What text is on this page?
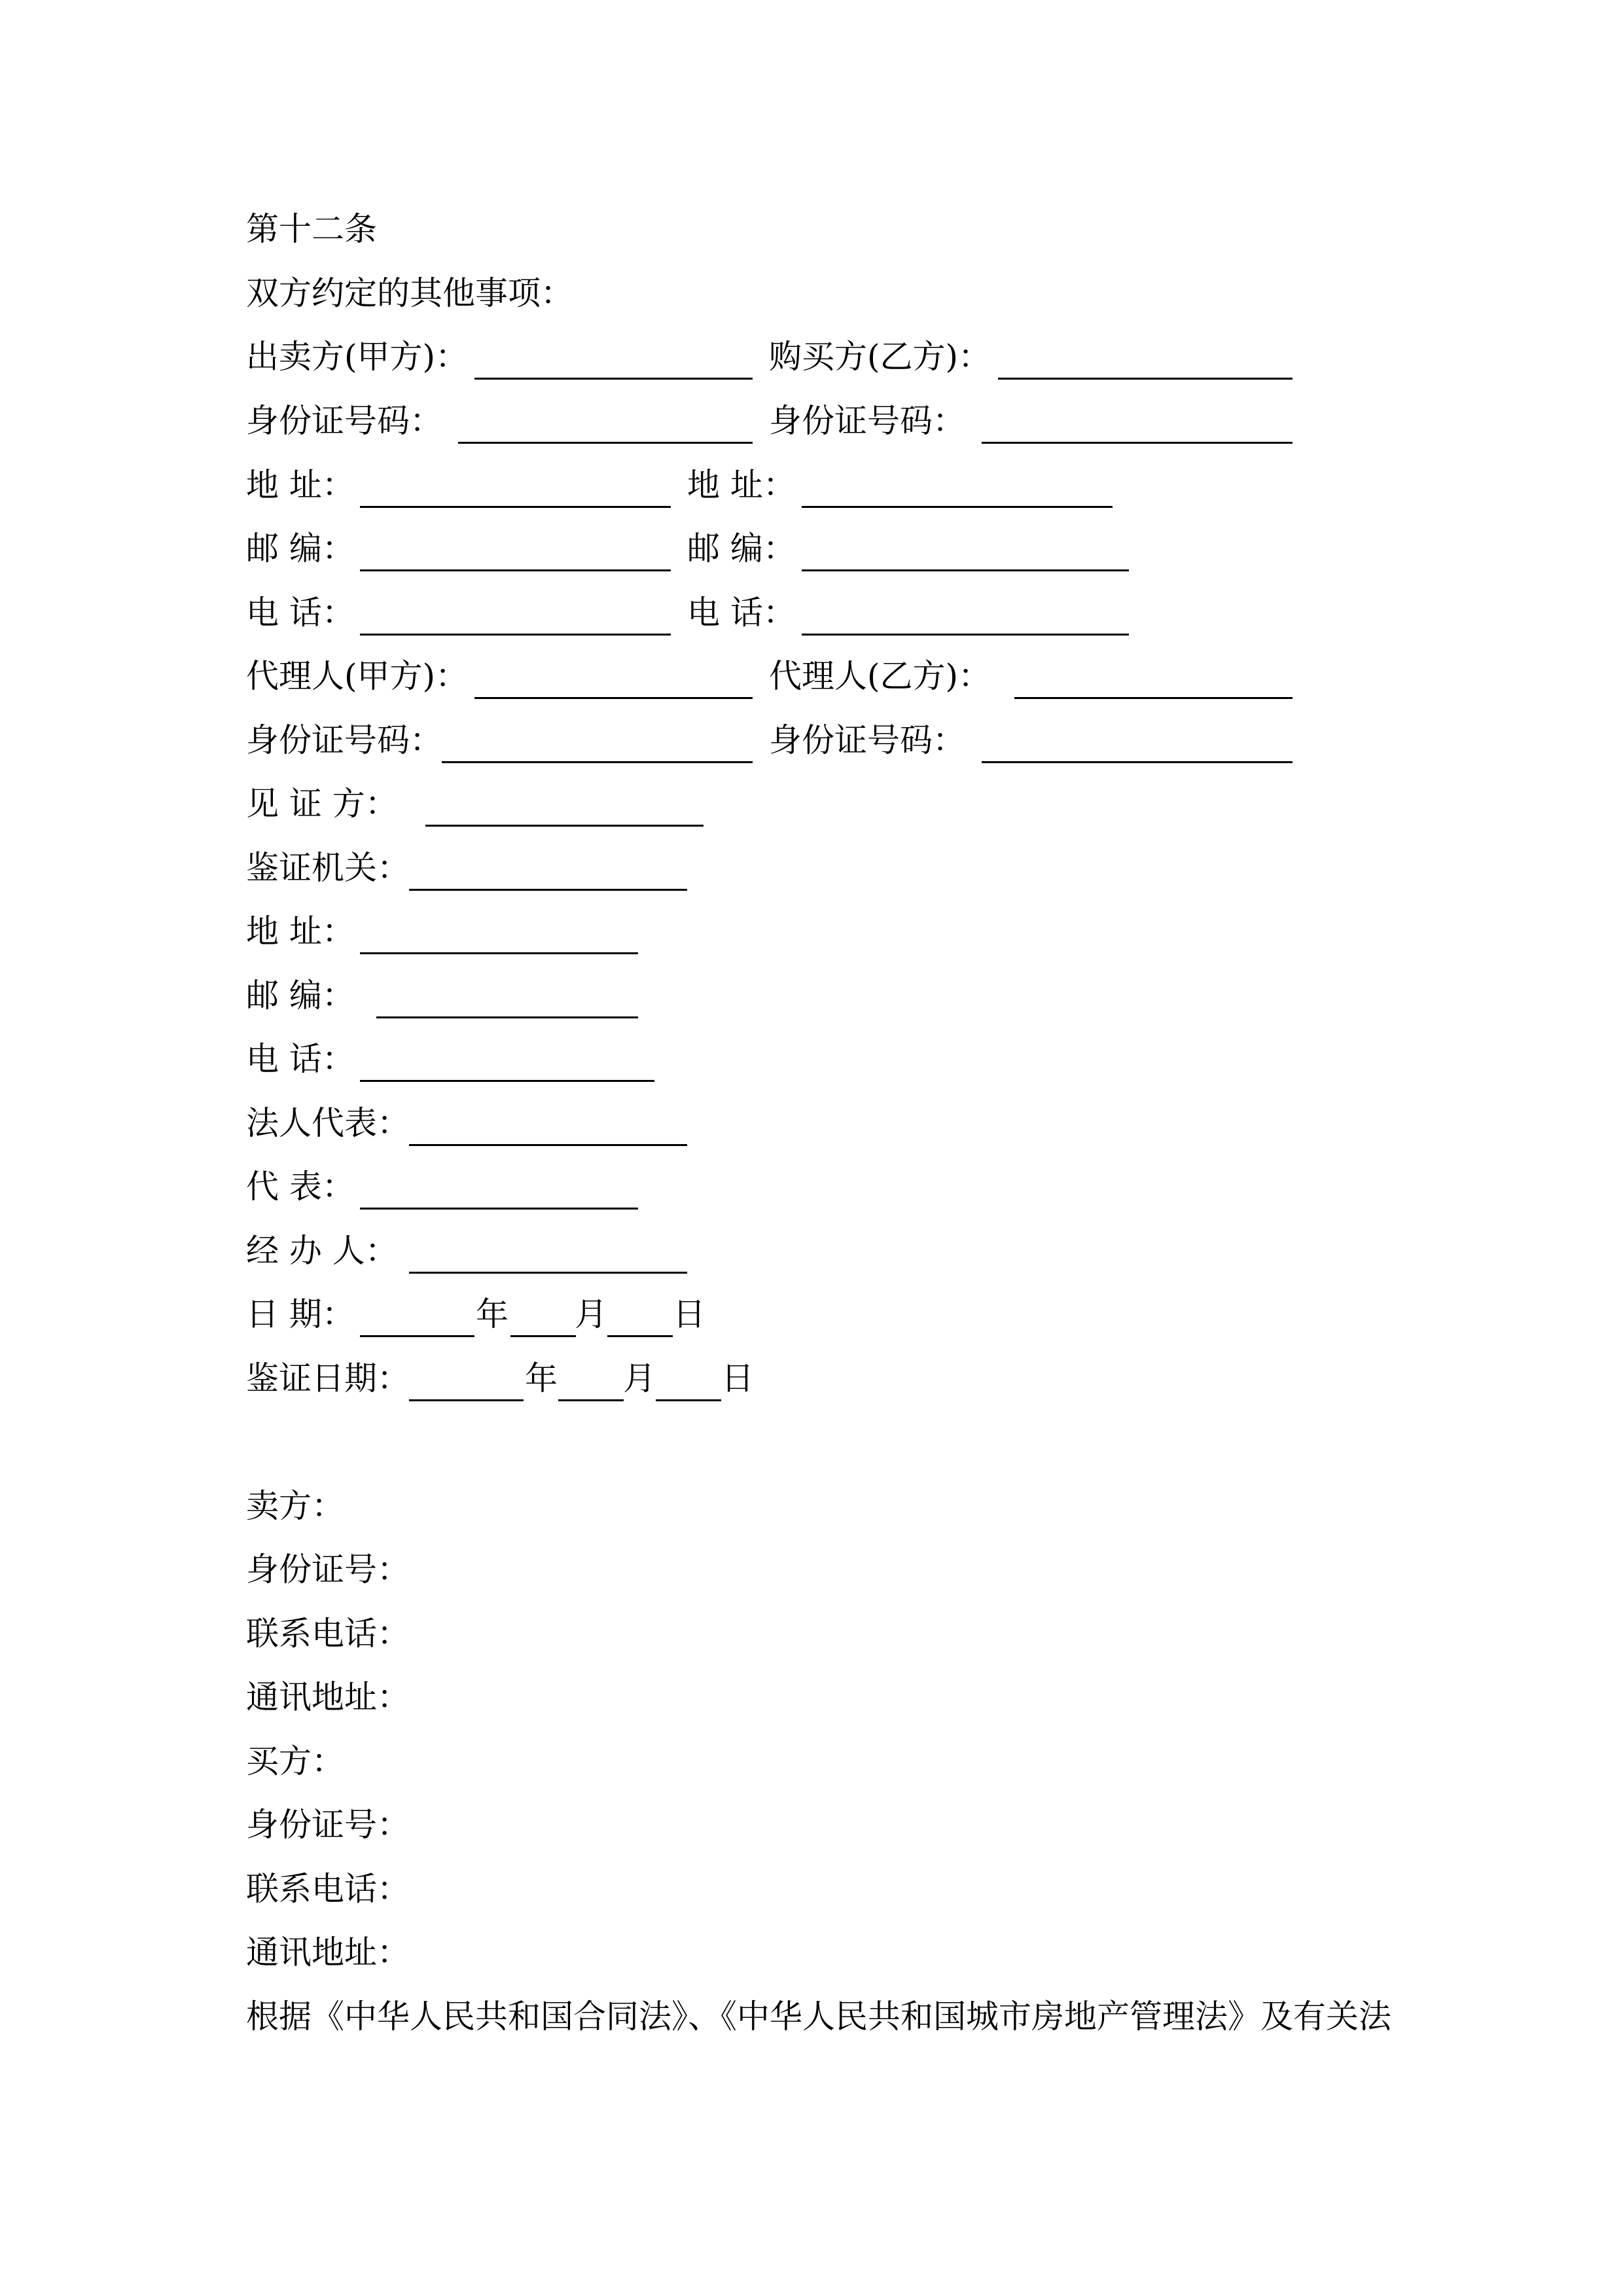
第十二条
双方约定的其他事项：
出卖方(甲方)：	购买方(乙方)：
身份证号码：	身份证号码：
地 址：	地 址：
邮 编：	邮 编：
电 话：	电 话：
代理人(甲方)：	代理人(乙方)：
身份证号码：	身份证号码：
见 证 方：
鉴证机关：
地 址：
邮 编：
电 话：
法人代表：
代 表：
经 办 人：
日 期：	年 月 日
鉴证日期：	年 月 日
卖方：
身份证号：
联系电话：
通讯地址：
买方：
身份证号：
联系电话：
通讯地址：
根据《中华人民共和国合同法》、《中华人民共和国城市房地产管理法》及有关法
